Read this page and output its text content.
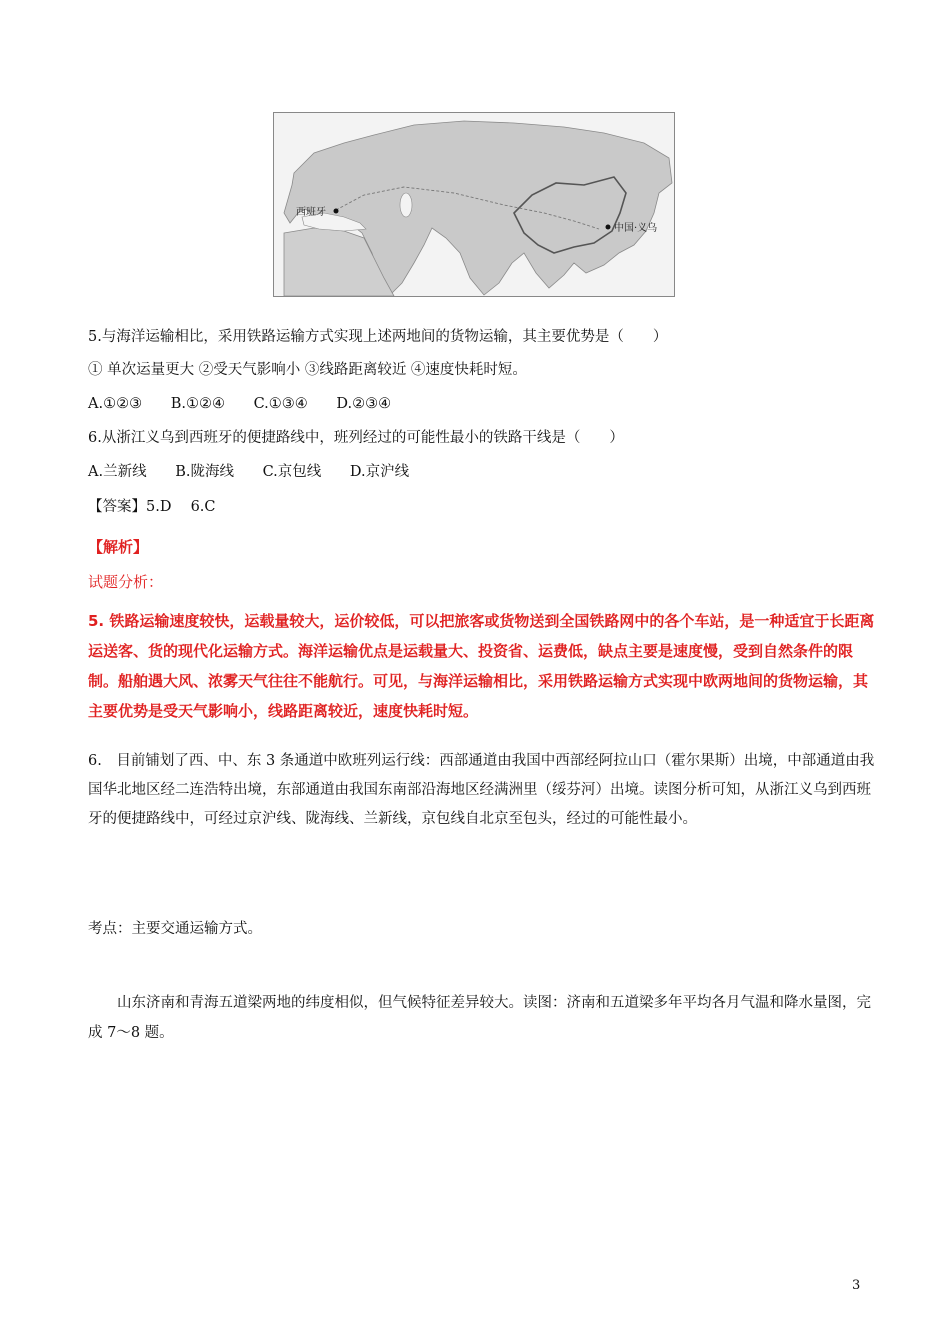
西班牙
中国·义乌
5.与海洋运输相比，采用铁路运输方式实现上述两地间的货物运输，其主要优势是（　　）
① 单次运量更大 ②受天气影响小 ③线路距离较近 ④速度快耗时短。
A.①②③ B.①②④ C.①③④ D.②③④
6.从浙江义乌到西班牙的便捷路线中，班列经过的可能性最小的铁路干线是（　　）
A.兰新线 B.陇海线 C.京包线 D.京沪线
【答案】5.D　 6.C
【解析】
试题分析：
5. 铁路运输速度较快，运载量较大，运价较低，可以把旅客或货物送到全国铁路网中的各个车站，是一种适宜于长距离运送客、货的现代化运输方式。海洋运输优点是运载量大、投资省、运费低，缺点主要是速度慢，受到自然条件的限制。船舶遇大风、浓雾天气往往不能航行。可见，与海洋运输相比，采用铁路运输方式实现中欧两地间的货物运输，其主要优势是受天气影响小，线路距离较近，速度快耗时短。
6.　目前铺划了西、中、东 3 条通道中欧班列运行线：西部通道由我国中西部经阿拉山口（霍尔果斯）出境，中部通道由我国华北地区经二连浩特出境，东部通道由我国东南部沿海地区经满洲里（绥芬河）出境。读图分析可知，从浙江义乌到西班牙的便捷路线中，可经过京沪线、陇海线、兰新线，京包线自北京至包头，经过的可能性最小。
考点：主要交通运输方式。
山东济南和青海五道梁两地的纬度相似，但气候特征差异较大。读图：济南和五道梁多年平均各月气温和降水量图，完成 7～8 题。
3
